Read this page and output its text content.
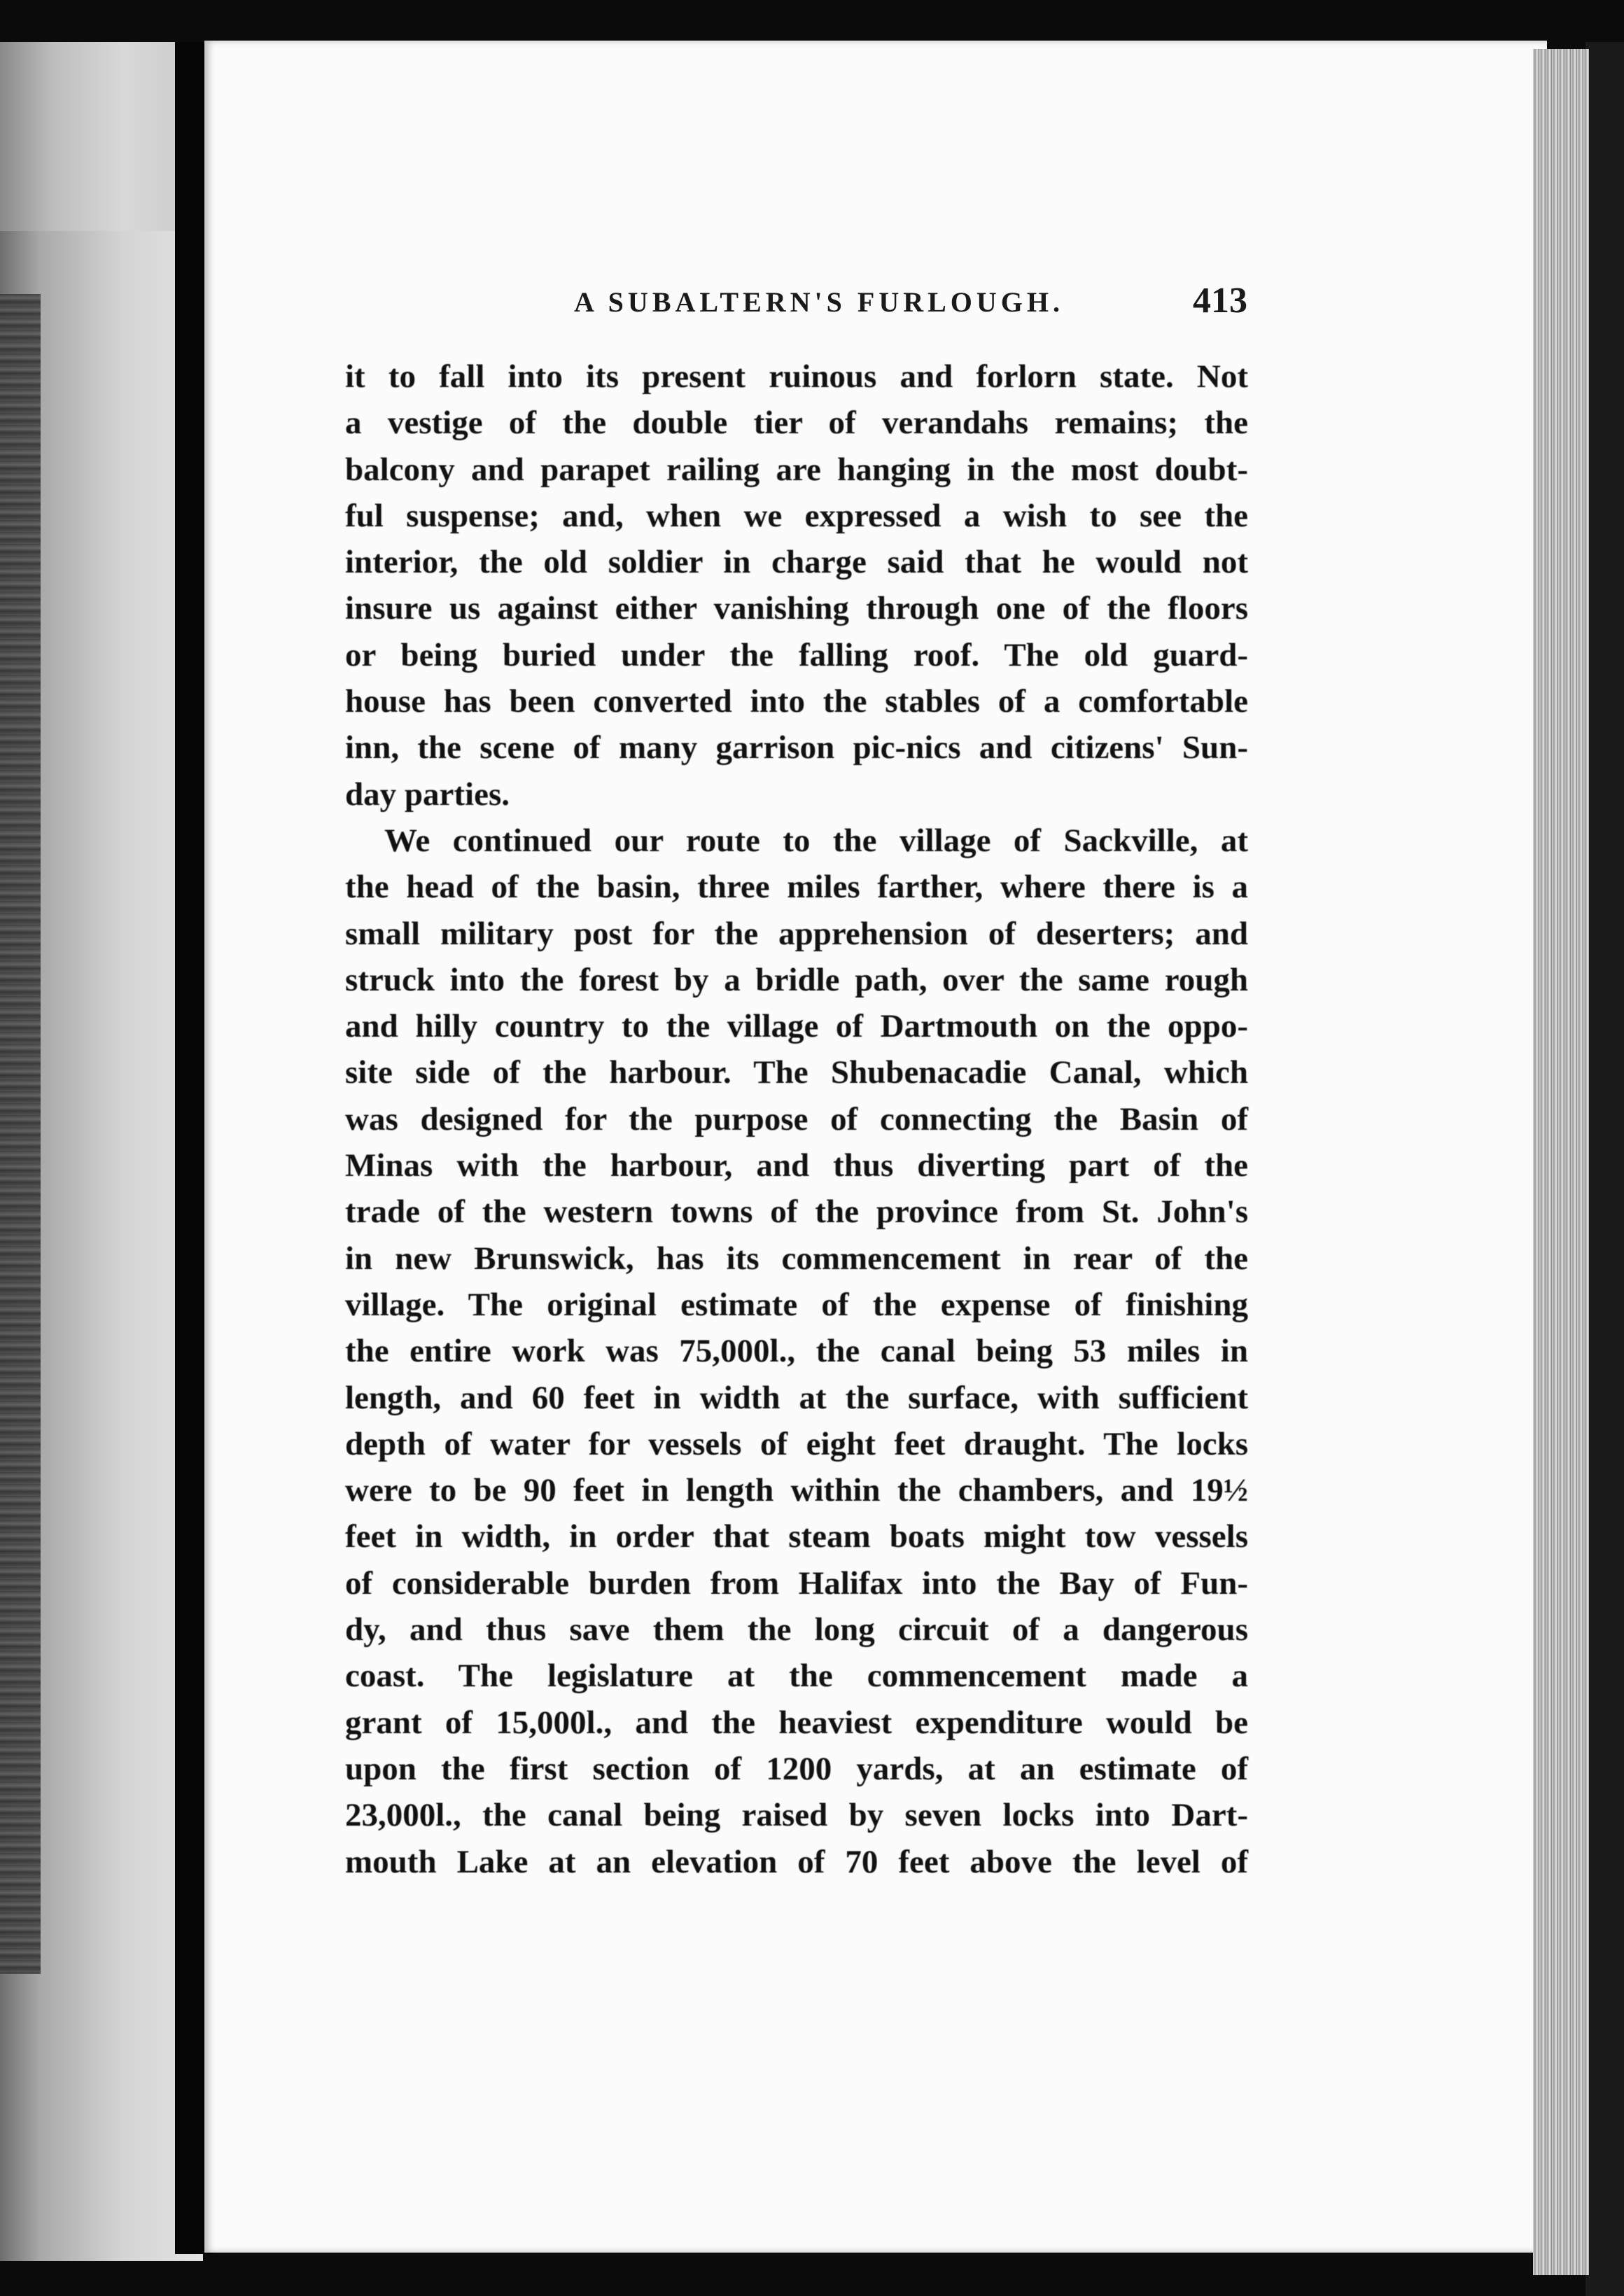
A SUBALTERN'S FURLOUGH.	413
it to fall into its present ruinous and forlorn state. Not
a vestige of the double tier of verandahs remains; the
balcony and parapet railing are hanging in the most doubt-
ful suspense; and, when we expressed a wish to see the
interior, the old soldier in charge said that he would not
insure us against either vanishing through one of the floors
or being buried under the falling roof. The old guard-
house has been converted into the stables of a comfortable
inn, the scene of many garrison pic-nics and citizens' Sun-
day parties.
We continued our route to the village of Sackville, at
the head of the basin, three miles farther, where there is a
small military post for the apprehension of deserters; and
struck into the forest by a bridle path, over the same rough
and hilly country to the village of Dartmouth on the oppo-
site side of the harbour. The Shubenacadie Canal, which
was designed for the purpose of connecting the Basin of
Minas with the harbour, and thus diverting part of the
trade of the western towns of the province from St. John's
in new Brunswick, has its commencement in rear of the
village. The original estimate of the expense of finishing
the entire work was 75,000l., the canal being 53 miles in
length, and 60 feet in width at the surface, with sufficient
depth of water for vessels of eight feet draught. The locks
were to be 90 feet in length within the chambers, and 19½
feet in width, in order that steam boats might tow vessels
of considerable burden from Halifax into the Bay of Fun-
dy, and thus save them the long circuit of a dangerous
coast. The legislature at the commencement made a
grant of 15,000l., and the heaviest expenditure would be
upon the first section of 1200 yards, at an estimate of
23,000l., the canal being raised by seven locks into Dart-
mouth Lake at an elevation of 70 feet above the level of
